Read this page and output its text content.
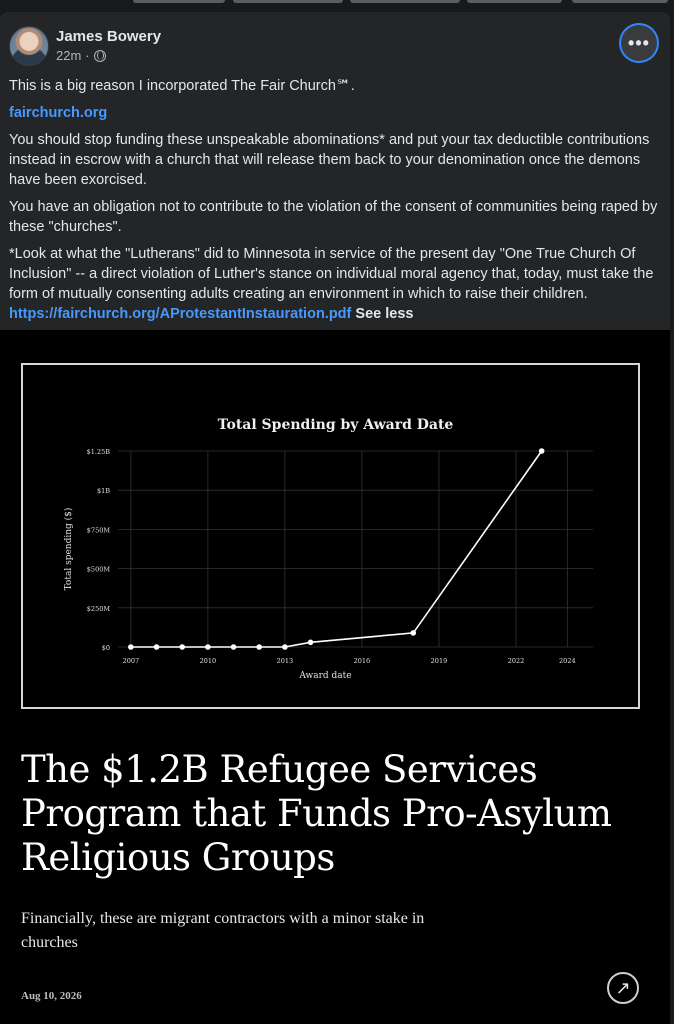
James Bowery
22m ·
•••

This is a big reason I incorporated The Fair Church℠.

fairchurch.org

You should stop funding these unspeakable abominations* and put your tax deductible contributions instead in escrow with a church that will release them back to your denomination once the demons have been exorcised.

You have an obligation not to contribute to the violation of the consent of communities being raped by these "churches".

*Look at what the "Lutherans" did to Minnesota in service of the present day "One True Church Of Inclusion" -- a direct violation of Luther's stance on individual moral agency that, today, must take the form of mutually consenting adults creating an environment in which to raise their children. https://fairchurch.org/AProtestantInstauration.pdf See less

Total Spending by Award Date
$0
$250M
$500M
$750M
$1B
$1.25B
2007	2010	2013	2016	2019	2022	2024
Award date
Total spending ($)
The $1.2B Refugee Services Program that Funds Pro-Asylum Religious Groups
Financially, these are migrant contractors with a minor stake in churches
Aug 10, 2026	↗
